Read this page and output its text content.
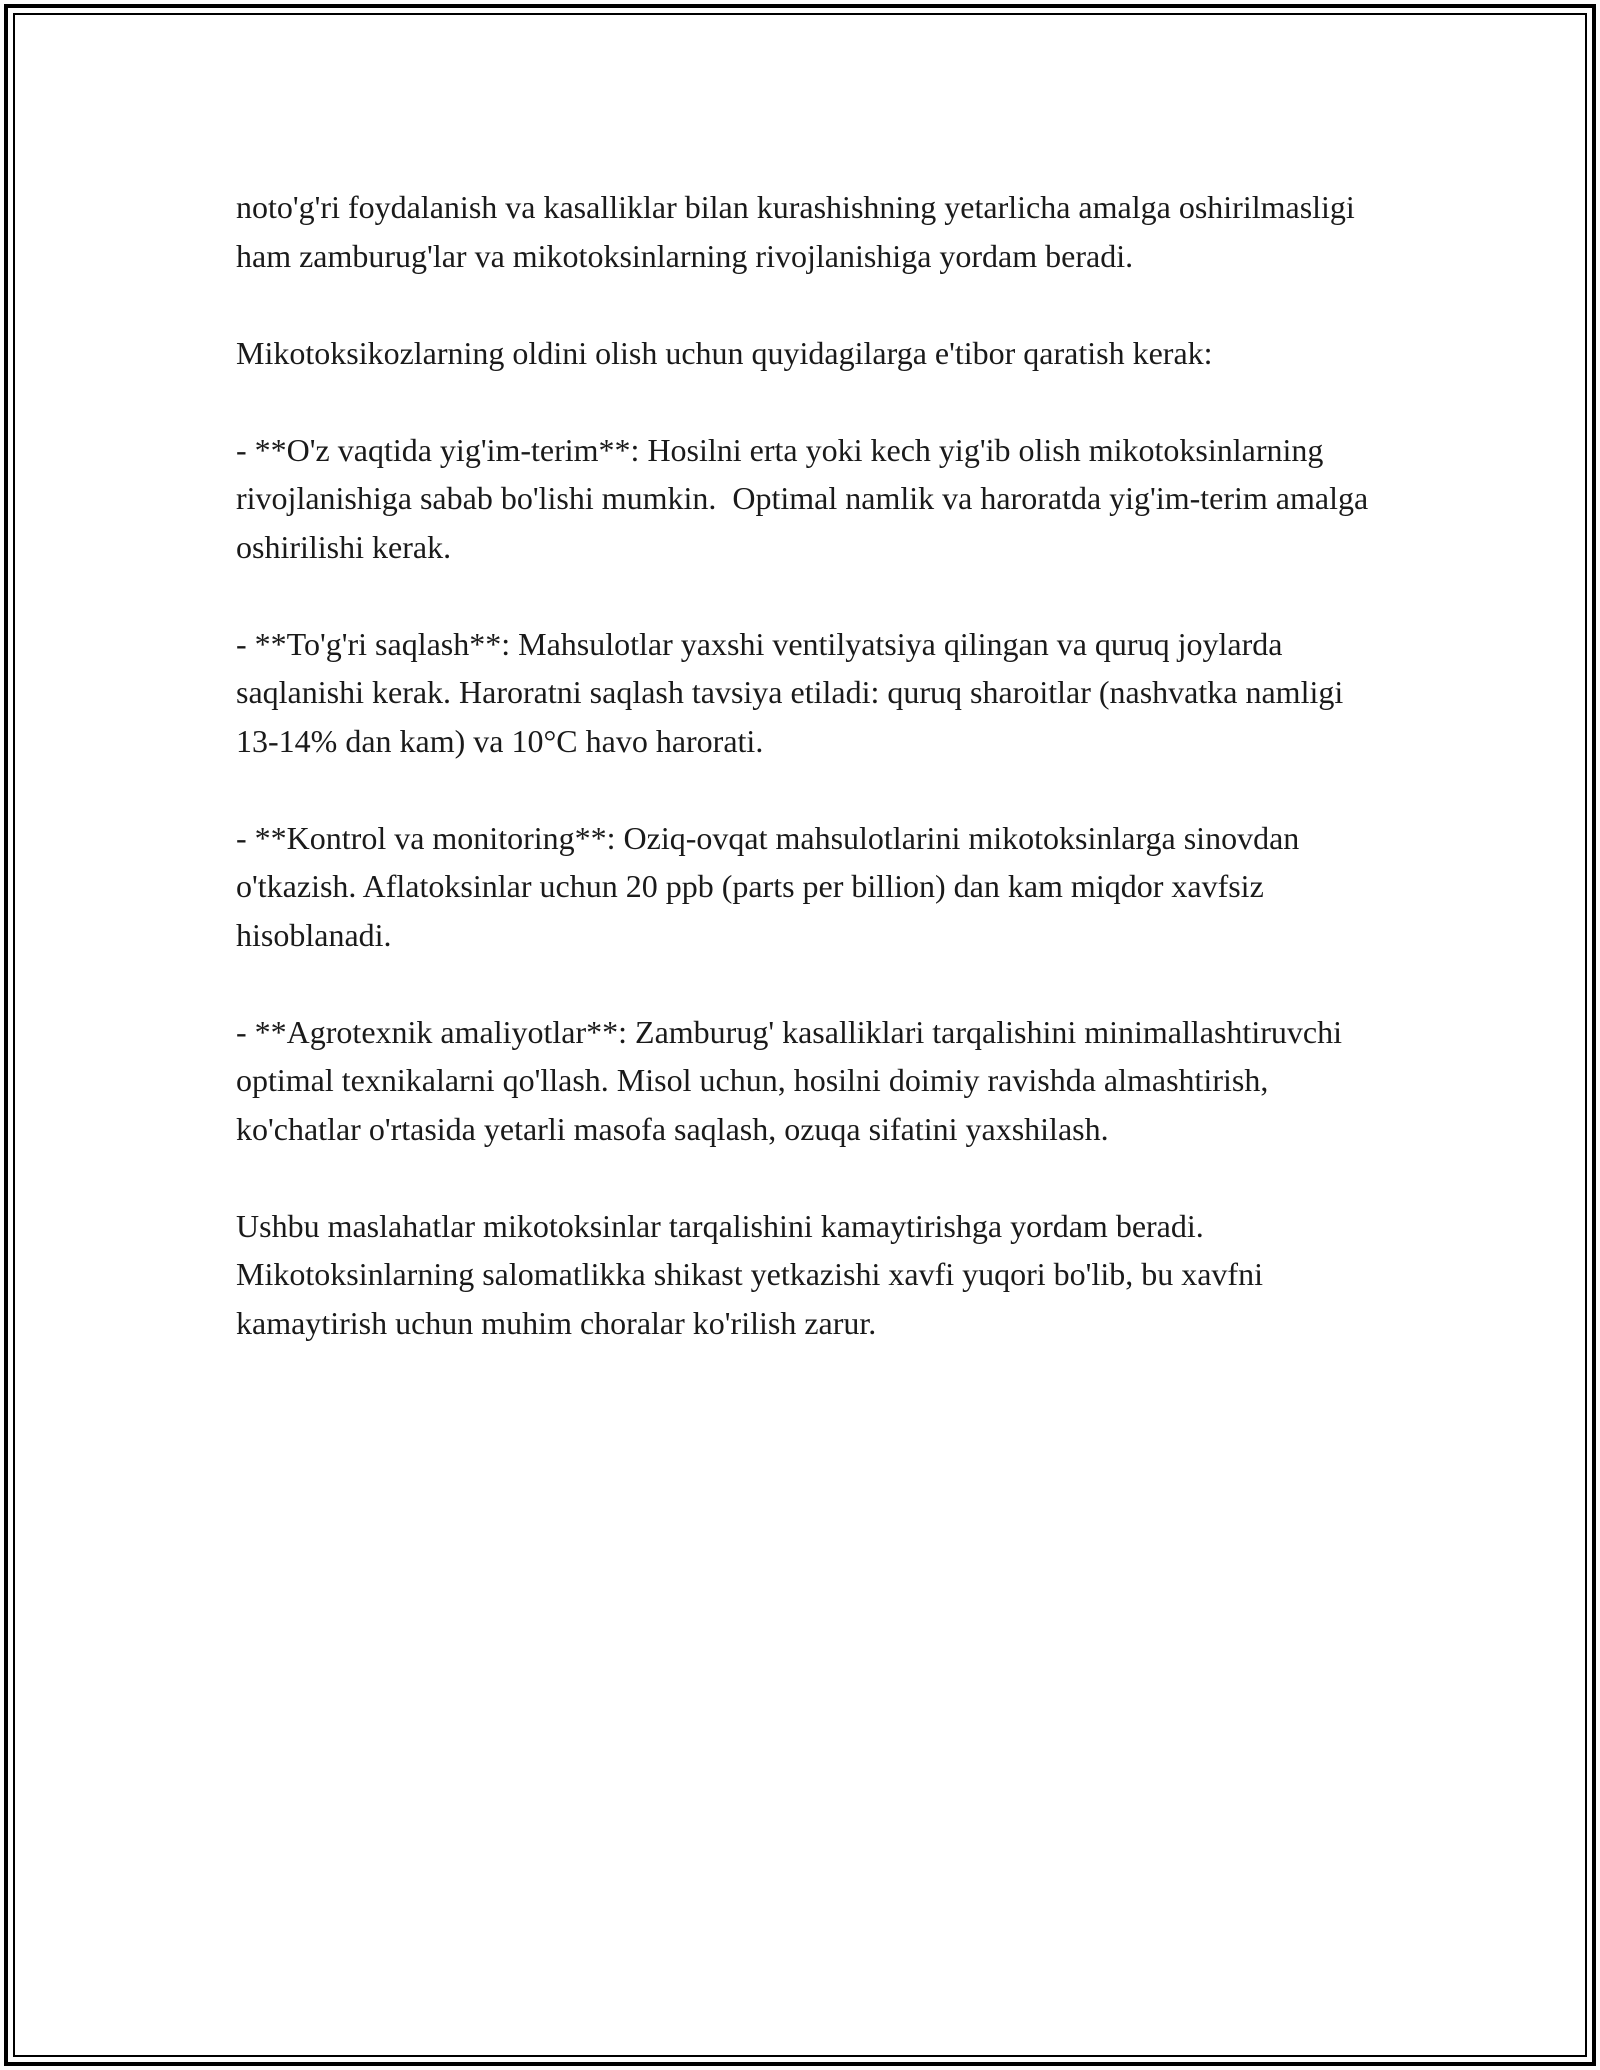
noto'g'ri foydalanish va kasalliklar bilan kurashishning yetarlicha amalga oshirilmasligi ham zamburug'lar va mikotoksinlarning rivojlanishiga yordam beradi.

Mikotoksikozlarning oldini olish uchun quyidagilarga e'tibor qaratish kerak:

- **O'z vaqtida yig'im-terim**: Hosilni erta yoki kech yig'ib olish mikotoksinlarning rivojlanishiga sabab bo'lishi mumkin.  Optimal namlik va haroratda yig'im-terim amalga oshirilishi kerak.

- **To'g'ri saqlash**: Mahsulotlar yaxshi ventilyatsiya qilingan va quruq joylarda saqlanishi kerak. Haroratni saqlash tavsiya etiladi: quruq sharoitlar (nashvatka namligi 13-14% dan kam) va 10°C havo harorati.

- **Kontrol va monitoring**: Oziq-ovqat mahsulotlarini mikotoksinlarga sinovdan o'tkazish. Aflatoksinlar uchun 20 ppb (parts per billion) dan kam miqdor xavfsiz hisoblanadi.

- **Agrotexnik amaliyotlar**: Zamburug' kasalliklari tarqalishini minimallashtiruvchi optimal texnikalarni qo'llash. Misol uchun, hosilni doimiy ravishda almashtirish, ko'chatlar o'rtasida yetarli masofa saqlash, ozuqa sifatini yaxshilash.

Ushbu maslahatlar mikotoksinlar tarqalishini kamaytirishga yordam beradi. Mikotoksinlarning salomatlikka shikast yetkazishi xavfi yuqori bo'lib, bu xavfni kamaytirish uchun muhim choralar ko'rilish zarur.
